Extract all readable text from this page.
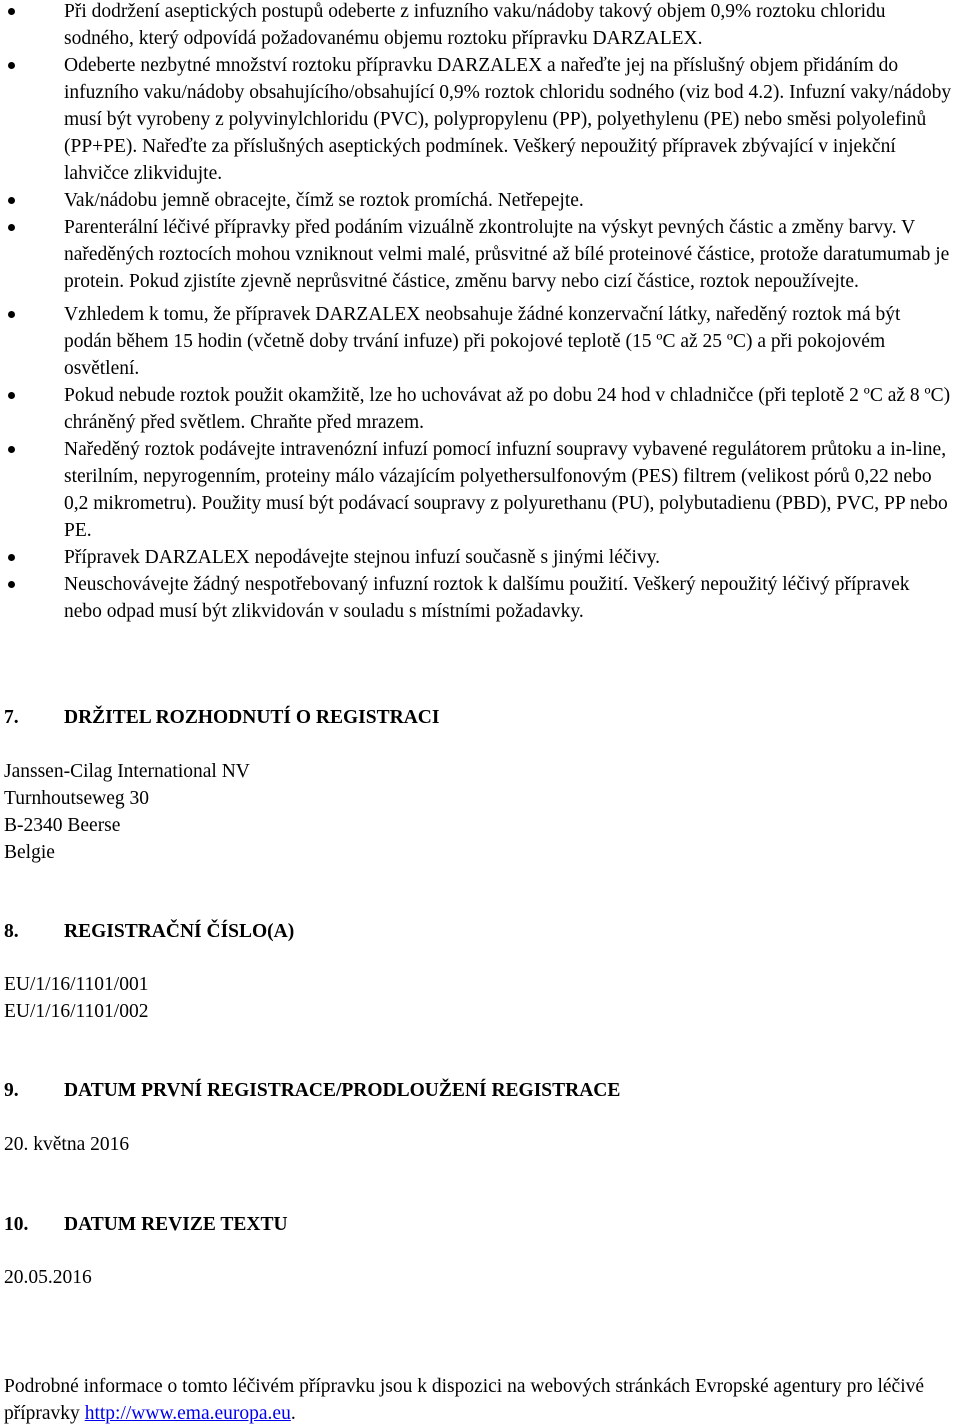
Při dodržení aseptických postupů odeberte z infuzního vaku/nádoby takový objem 0,9% roztoku chloridu sodného, který odpovídá požadovanému objemu roztoku přípravku DARZALEX.
Odeberte nezbytné množství roztoku přípravku DARZALEX a nařeďte jej na příslušný objem přidáním do infuzního vaku/nádoby obsahujícího/obsahující 0,9% roztok chloridu sodného (viz bod 4.2). Infuzní vaky/nádoby musí být vyrobeny z polyvinylchloridu (PVC), polypropylenu (PP), polyethylenu (PE) nebo směsi polyolefinů (PP+PE). Nařeďte za příslušných aseptických podmínek. Veškerý nepoužitý přípravek zbývající v injekční lahvičce zlikvidujte.
Vak/nádobu jemně obracejte, čímž se roztok promíchá. Netřepejte.
Parenterální léčivé přípravky před podáním vizuálně zkontrolujte na výskyt pevných částic a změny barvy. V naředěných roztocích mohou vzniknout velmi malé, průsvitné až bílé proteinové částice, protože daratumumab je protein. Pokud zjistíte zjevně neprůsvitné částice, změnu barvy nebo cizí částice, roztok nepoužívejte.
Vzhledem k tomu, že přípravek DARZALEX neobsahuje žádné konzervační látky, naředěný roztok má být podán během 15 hodin (včetně doby trvání infuze) při pokojové teplotě (15 ºC až 25 ºC) a při pokojovém osvětlení.
Pokud nebude roztok použit okamžitě, lze ho uchovávat až po dobu 24 hod v chladničce (při teplotě 2 ºC až 8 ºC) chráněný před světlem. Chraňte před mrazem.
Naředěný roztok podávejte intravenózní infuzí pomocí infuzní soupravy vybavené regulátorem průtoku a in-line, sterilním, nepyrogenním, proteiny málo vázajícím polyethersulfonovým (PES) filtrem (velikost pórů 0,22 nebo 0,2 mikrometru). Použity musí být podávací soupravy z polyurethanu (PU), polybutadienu (PBD), PVC, PP nebo PE.
Přípravek DARZALEX nepodávejte stejnou infuzí současně s jinými léčivy.
Neuschovávejte žádný nespotřebovaný infuzní roztok k dalšímu použití. Veškerý nepoužitý léčivý přípravek nebo odpad musí být zlikvidován v souladu s místními požadavky.
7. DRŽITEL ROZHODNUTÍ O REGISTRACI
Janssen-Cilag International NV
Turnhoutseweg 30
B-2340 Beerse
Belgie
8. REGISTRAČNÍ ČÍSLO(A)
EU/1/16/1101/001
EU/1/16/1101/002
9. DATUM PRVNÍ REGISTRACE/PRODLOUŽENÍ REGISTRACE
20. května 2016
10. DATUM REVIZE TEXTU
20.05.2016
Podrobné informace o tomto léčivém přípravku jsou k dispozici na webových stránkách Evropské agentury pro léčivé přípravky http://www.ema.europa.eu.
